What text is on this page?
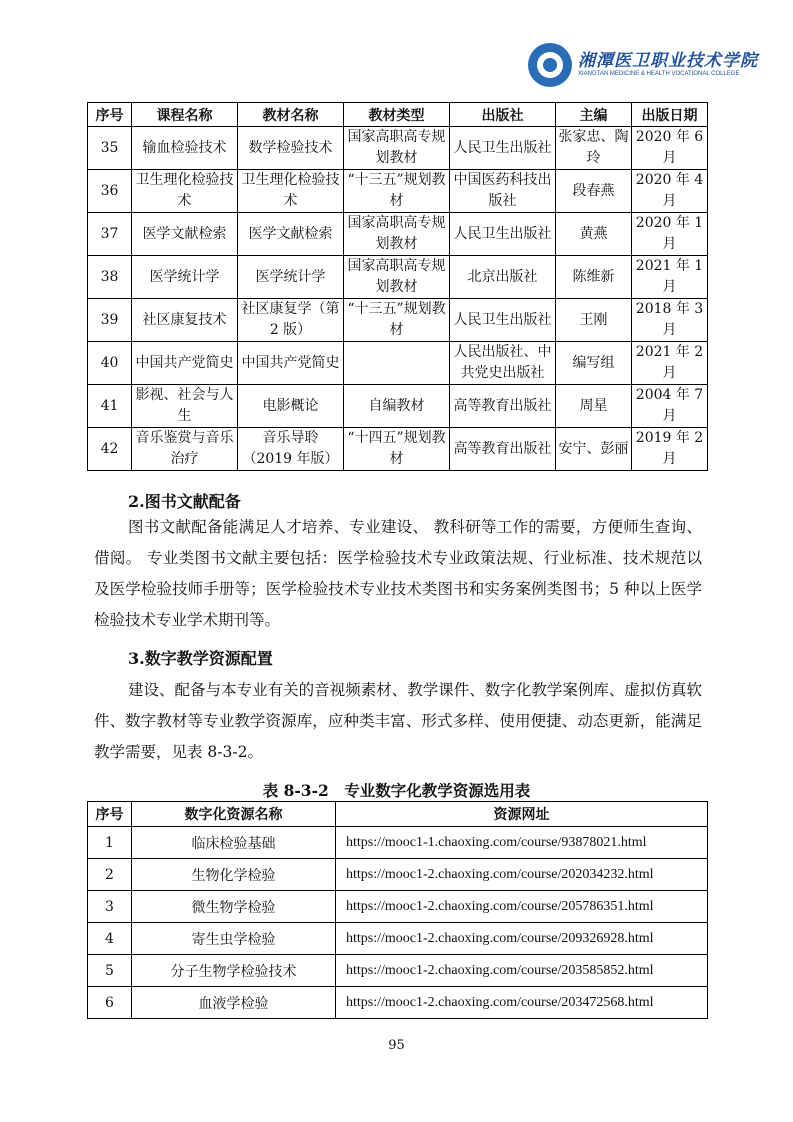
湘潭医卫职业技术学院
XIANGTAN MEDICINE & HEALTH VOCATIONAL COLLEGE
序号	课程名称	教材名称	教材类型	出版社	主编	出版日期
35	输血检验技术	数学检验技术	国家高职高专规划教材	人民卫生出版社	张家忠、陶玲	2020 年 6 月
36	卫生理化检验技术	卫生理化检验技术	“十三五”规划教材	中国医药科技出版社	段春燕	2020 年 4 月
37	医学文献检索	医学文献检索	国家高职高专规划教材	人民卫生出版社	黄燕	2020 年 1 月
38	医学统计学	医学统计学	国家高职高专规划教材	北京出版社	陈维新	2021 年 1 月
39	社区康复技术	社区康复学（第 2 版）	“十三五”规划教材	人民卫生出版社	王刚	2018 年 3 月
40	中国共产党简史	中国共产党简史		人民出版社、中共党史出版社	编写组	2021 年 2 月
41	影视、社会与人生	电影概论	自编教材	高等教育出版社	周星	2004 年 7 月
42	音乐鉴赏与音乐治疗	音乐导聆（2019 年版）	“十四五”规划教材	高等教育出版社	安宁、彭丽	2019 年 2 月
2.图书文献配备

图书文献配备能满足人才培养、专业建设、 教科研等工作的需要，方便师生查询、借阅。 专业类图书文献主要包括：医学检验技术专业政策法规、行业标准、技术规范以及医学检验技师手册等；医学检验技术专业技术类图书和实务案例类图书；5 种以上医学检验技术专业学术期刊等。

3.数字教学资源配置

建设、配备与本专业有关的音视频素材、教学课件、数字化教学案例库、虚拟仿真软件、数字教材等专业教学资源库，应种类丰富、形式多样、使用便捷、动态更新，能满足教学需要，见表 8-3-2。

表 8-3-2　专业数字化教学资源选用表
序号	数字化资源名称	资源网址
1	临床检验基础	https://mooc1-1.chaoxing.com/course/93878021.html
2	生物化学检验	https://mooc1-2.chaoxing.com/course/202034232.html
3	微生物学检验	https://mooc1-2.chaoxing.com/course/205786351.html
4	寄生虫学检验	https://mooc1-2.chaoxing.com/course/209326928.html
5	分子生物学检验技术	https://mooc1-2.chaoxing.com/course/203585852.html
6	血液学检验	https://mooc1-2.chaoxing.com/course/203472568.html
95
